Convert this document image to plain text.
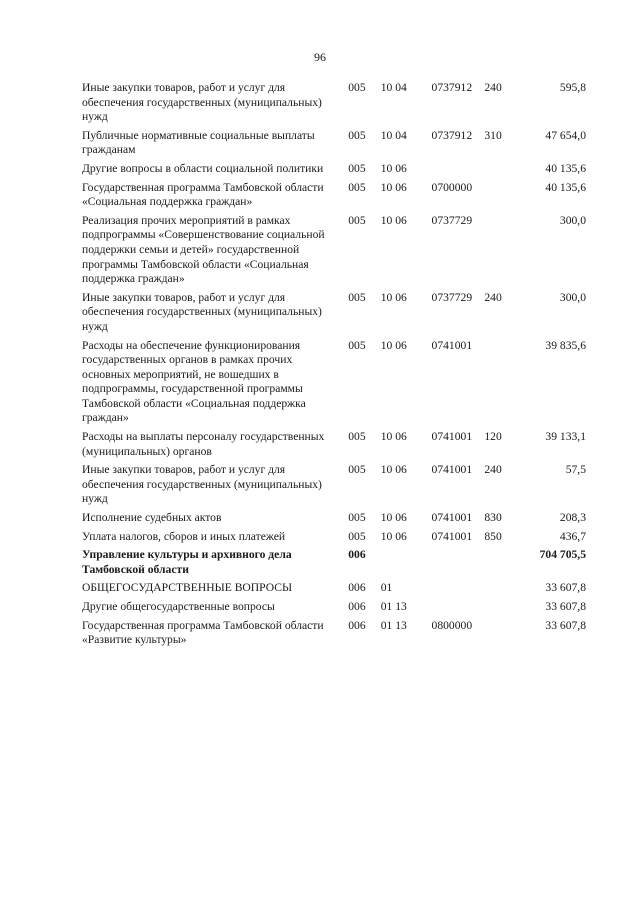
96
Иные закупки товаров, работ и услуг для обеспечения государственных (муниципальных) нужд	005	10 04	0737912	240	595,8
Публичные нормативные социальные выплаты гражданам	005	10 04	0737912	310	47 654,0
Другие вопросы в области социальной политики	005	10 06			40 135,6
Государственная программа Тамбовской области «Социальная поддержка граждан»	005	10 06	0700000		40 135,6
Реализация прочих мероприятий в рамках подпрограммы «Совершенствование социальной поддержки семьи и детей» государственной программы Тамбовской области «Социальная поддержка граждан»	005	10 06	0737729		300,0
Иные закупки товаров, работ и услуг для обеспечения государственных (муниципальных) нужд	005	10 06	0737729	240	300,0
Расходы на обеспечение функционирования государственных органов в рамках прочих основных мероприятий, не вошедших в подпрограммы, государственной программы Тамбовской области «Социальная поддержка граждан»	005	10 06	0741001		39 835,6
Расходы на выплаты персоналу государственных (муниципальных) органов	005	10 06	0741001	120	39 133,1
Иные закупки товаров, работ и услуг для обеспечения государственных (муниципальных) нужд	005	10 06	0741001	240	57,5
Исполнение судебных актов	005	10 06	0741001	830	208,3
Уплата налогов, сборов и иных платежей	005	10 06	0741001	850	436,7
Управление культуры и архивного дела Тамбовской области	006				704 705,5
ОБЩЕГОСУДАРСТВЕННЫЕ ВОПРОСЫ	006	01			33 607,8
Другие общегосударственные вопросы	006	01 13			33 607,8
Государственная программа Тамбовской области «Развитие культуры»	006	01 13	0800000		33 607,8
